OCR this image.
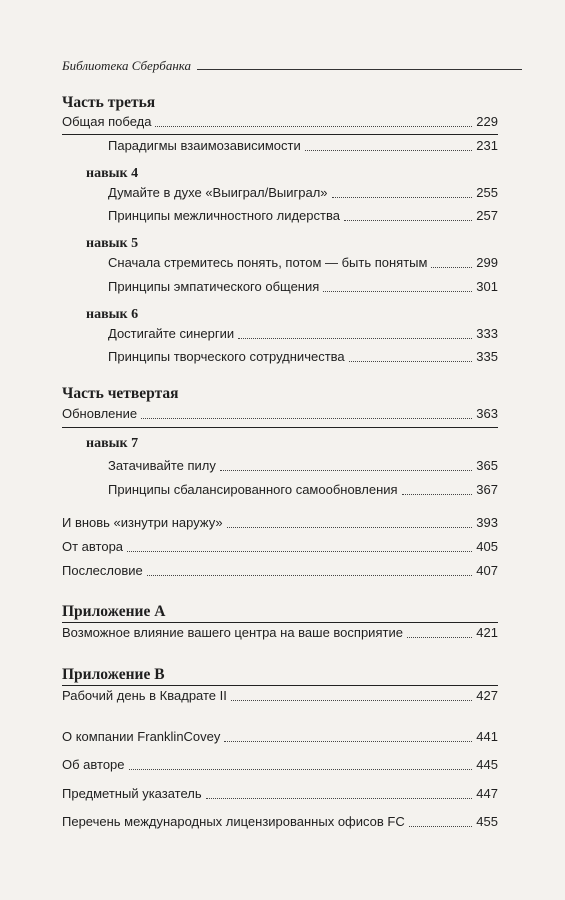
Библиотека Сбербанка
Часть третья
Общая победа	229
Парадигмы взаимозависимости	231
навык 4
Думайте в духе «Выиграл/Выиграл»	255
Принципы межличностного лидерства	257
навык 5
Сначала стремитесь понять, потом — быть понятым	299
Принципы эмпатического общения	301
навык 6
Достигайте синергии	333
Принципы творческого сотрудничества	335
Часть четвертая
Обновление	363
навык 7
Затачивайте пилу	365
Принципы сбалансированного самообновления	367
И вновь «изнутри наружу»	393
От автора	405
Послесловие	407
Приложение А
Возможное влияние вашего центра на ваше восприятие	421
Приложение В
Рабочий день в Квадрате II	427
О компании FranklinCovey	441
Об авторе	445
Предметный указатель	447
Перечень международных лицензированных офисов FC	455
